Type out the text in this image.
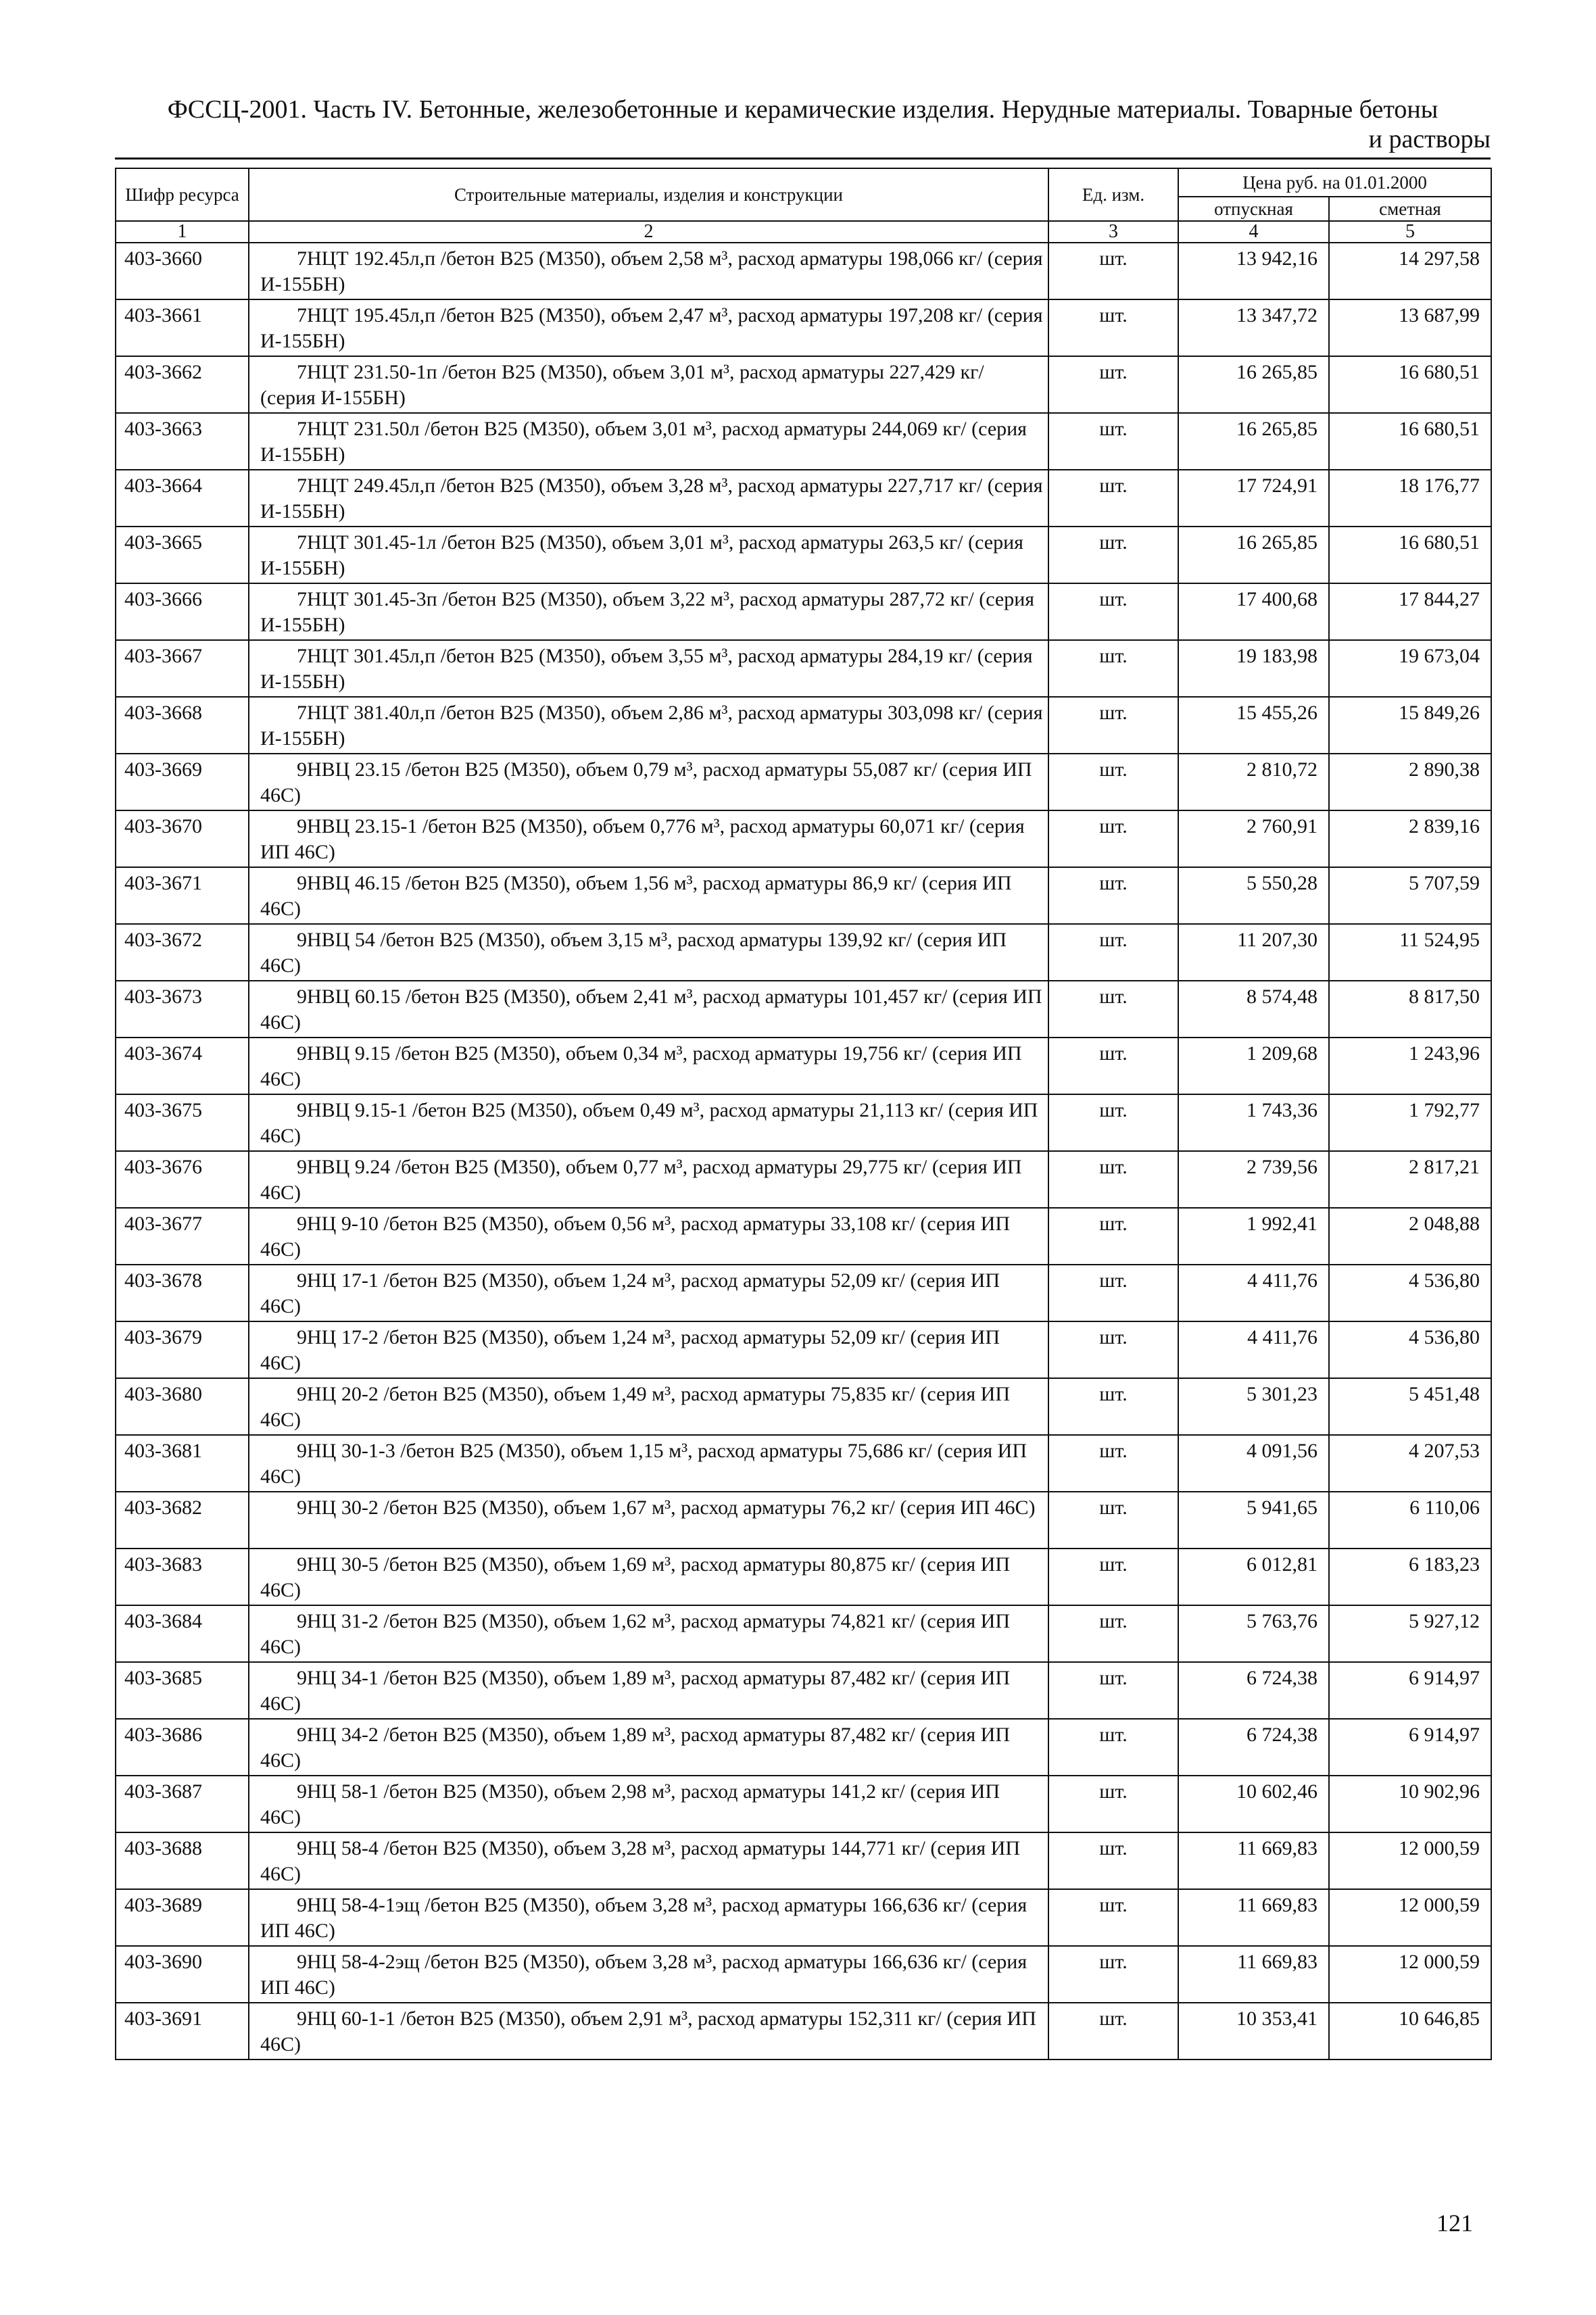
ФССЦ-2001. Часть IV. Бетонные, железобетонные и керамические изделия. Нерудные материалы. Товарные бетоны
и растворы
Шифр ресурса	Строительные материалы, изделия и конструкции	Ед. изм.	Цена руб. на 01.01.2000	
			отпускная	сметная
1	2	3	4	5
403-3660	7НЦТ 192.45л,п /бетон В25 (М350), объем 2,58 м³, расход арматуры 198,066 кг/ (серия И-155БН)	шт.	13 942,16	14 297,58
403-3661	7НЦТ 195.45л,п /бетон В25 (М350), объем 2,47 м³, расход арматуры 197,208 кг/ (серия И-155БН)	шт.	13 347,72	13 687,99
403-3662	7НЦТ 231.50-1п /бетон В25 (М350), объем 3,01 м³, расход арматуры 227,429 кг/ (серия И-155БН)	шт.	16 265,85	16 680,51
403-3663	7НЦТ 231.50л /бетон В25 (М350), объем 3,01 м³, расход арматуры 244,069 кг/ (серия И-155БН)	шт.	16 265,85	16 680,51
403-3664	7НЦТ 249.45л,п /бетон В25 (М350), объем 3,28 м³, расход арматуры 227,717 кг/ (серия И-155БН)	шт.	17 724,91	18 176,77
403-3665	7НЦТ 301.45-1л /бетон В25 (М350), объем 3,01 м³, расход арматуры 263,5 кг/ (серия И-155БН)	шт.	16 265,85	16 680,51
403-3666	7НЦТ 301.45-3п /бетон В25 (М350), объем 3,22 м³, расход арматуры 287,72 кг/ (серия И-155БН)	шт.	17 400,68	17 844,27
403-3667	7НЦТ 301.45л,п /бетон В25 (М350), объем 3,55 м³, расход арматуры 284,19 кг/ (серия И-155БН)	шт.	19 183,98	19 673,04
403-3668	7НЦТ 381.40л,п /бетон В25 (М350), объем 2,86 м³, расход арматуры 303,098 кг/ (серия И-155БН)	шт.	15 455,26	15 849,26
403-3669	9НВЦ 23.15 /бетон В25 (М350), объем 0,79 м³, расход арматуры 55,087 кг/ (серия ИП 46С)	шт.	2 810,72	2 890,38
403-3670	9НВЦ 23.15-1 /бетон В25 (М350), объем 0,776 м³, расход арматуры 60,071 кг/ (серия ИП 46С)	шт.	2 760,91	2 839,16
403-3671	9НВЦ 46.15 /бетон В25 (М350), объем 1,56 м³, расход арматуры 86,9 кг/ (серия ИП 46С)	шт.	5 550,28	5 707,59
403-3672	9НВЦ 54 /бетон В25 (М350), объем 3,15 м³, расход арматуры 139,92 кг/ (серия ИП 46С)	шт.	11 207,30	11 524,95
403-3673	9НВЦ 60.15 /бетон В25 (М350), объем 2,41 м³, расход арматуры 101,457 кг/ (серия ИП 46С)	шт.	8 574,48	8 817,50
403-3674	9НВЦ 9.15 /бетон В25 (М350), объем 0,34 м³, расход арматуры 19,756 кг/ (серия ИП 46С)	шт.	1 209,68	1 243,96
403-3675	9НВЦ 9.15-1 /бетон В25 (М350), объем 0,49 м³, расход арматуры 21,113 кг/ (серия ИП 46С)	шт.	1 743,36	1 792,77
403-3676	9НВЦ 9.24 /бетон В25 (М350), объем 0,77 м³, расход арматуры 29,775 кг/ (серия ИП 46С)	шт.	2 739,56	2 817,21
403-3677	9НЦ 9-10 /бетон В25 (М350), объем 0,56 м³, расход арматуры 33,108 кг/ (серия ИП 46С)	шт.	1 992,41	2 048,88
403-3678	9НЦ 17-1 /бетон В25 (М350), объем 1,24 м³, расход арматуры 52,09 кг/ (серия ИП 46С)	шт.	4 411,76	4 536,80
403-3679	9НЦ 17-2 /бетон В25 (М350), объем 1,24 м³, расход арматуры 52,09 кг/ (серия ИП 46С)	шт.	4 411,76	4 536,80
403-3680	9НЦ 20-2 /бетон В25 (М350), объем 1,49 м³, расход арматуры 75,835 кг/ (серия ИП 46С)	шт.	5 301,23	5 451,48
403-3681	9НЦ 30-1-3 /бетон В25 (М350), объем 1,15 м³, расход арматуры 75,686 кг/ (серия ИП 46С)	шт.	4 091,56	4 207,53
403-3682	9НЦ 30-2 /бетон В25 (М350), объем 1,67 м³, расход арматуры 76,2 кг/ (серия ИП 46С)	шт.	5 941,65	6 110,06
403-3683	9НЦ 30-5 /бетон В25 (М350), объем 1,69 м³, расход арматуры 80,875 кг/ (серия ИП 46С)	шт.	6 012,81	6 183,23
403-3684	9НЦ 31-2 /бетон В25 (М350), объем 1,62 м³, расход арматуры 74,821 кг/ (серия ИП 46С)	шт.	5 763,76	5 927,12
403-3685	9НЦ 34-1 /бетон В25 (М350), объем 1,89 м³, расход арматуры 87,482 кг/ (серия ИП 46С)	шт.	6 724,38	6 914,97
403-3686	9НЦ 34-2 /бетон В25 (М350), объем 1,89 м³, расход арматуры 87,482 кг/ (серия ИП 46С)	шт.	6 724,38	6 914,97
403-3687	9НЦ 58-1 /бетон В25 (М350), объем 2,98 м³, расход арматуры 141,2 кг/ (серия ИП 46С)	шт.	10 602,46	10 902,96
403-3688	9НЦ 58-4 /бетон В25 (М350), объем 3,28 м³, расход арматуры 144,771 кг/ (серия ИП 46С)	шт.	11 669,83	12 000,59
403-3689	9НЦ 58-4-1эщ /бетон В25 (М350), объем 3,28 м³, расход арматуры 166,636 кг/ (серия ИП 46С)	шт.	11 669,83	12 000,59
403-3690	9НЦ 58-4-2эщ /бетон В25 (М350), объем 3,28 м³, расход арматуры 166,636 кг/ (серия ИП 46С)	шт.	11 669,83	12 000,59
403-3691	9НЦ 60-1-1 /бетон В25 (М350), объем 2,91 м³, расход арматуры 152,311 кг/ (серия ИП 46С)	шт.	10 353,41	10 646,85
121
